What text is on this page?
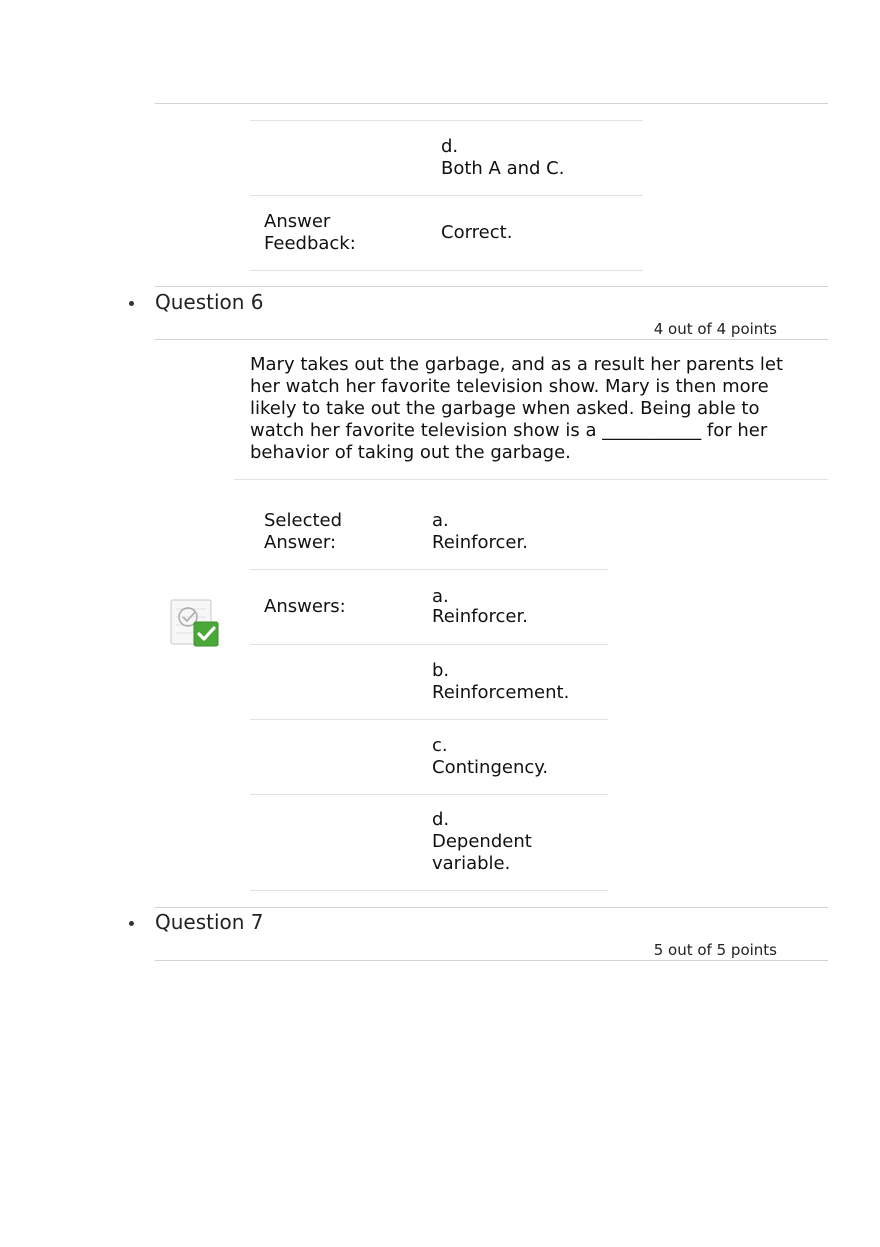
d.
Both A and C.
Answer
Feedback:
Correct.
Question 6
4 out of 4 points
Mary takes out the garbage, and as a result her parents let her watch her favorite television show. Mary is then more likely to take out the garbage when asked. Being able to watch her favorite television show is a ___________ for her behavior of taking out the garbage.
Selected
Answer:
a.
Reinforcer.
Answers:	a.
Reinforcer.
b.
Reinforcement.
c.
Contingency.
d.
Dependent
variable.
Question 7
5 out of 5 points
